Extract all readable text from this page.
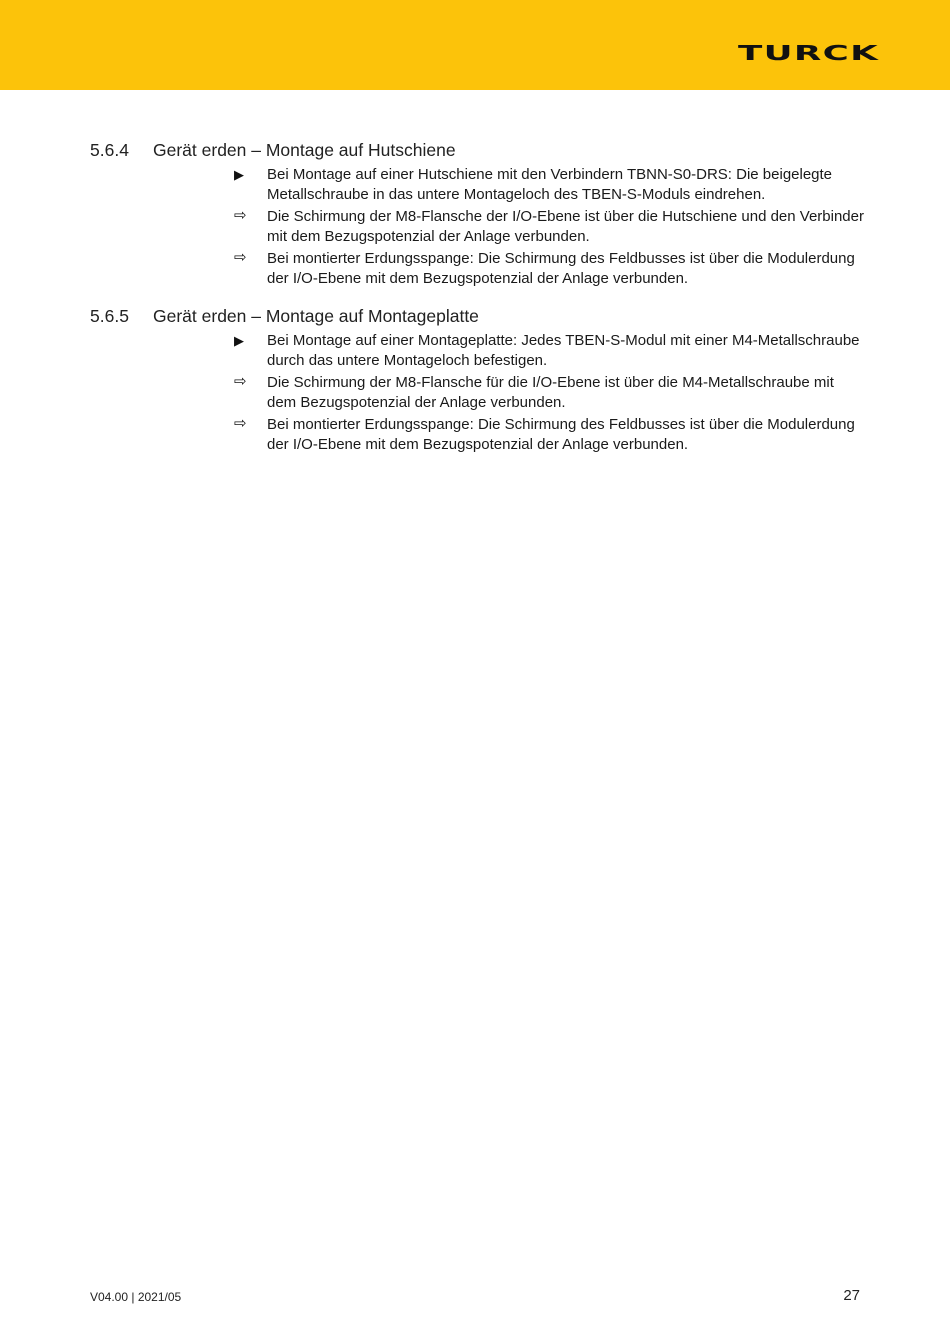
TURCK
5.6.4 Gerät erden – Montage auf Hutschiene
▶	Bei Montage auf einer Hutschiene mit den Verbindern TBNN-S0-DRS: Die beigelegte Metallschraube in das untere Montageloch des TBEN-S-Moduls eindrehen.
⇨	Die Schirmung der M8-Flansche der I/O-Ebene ist über die Hutschiene und den Verbinder mit dem Bezugspotenzial der Anlage verbunden.
⇨	Bei montierter Erdungsspange: Die Schirmung des Feldbusses ist über die Modulerdung der I/O-Ebene mit dem Bezugspotenzial der Anlage verbunden.
5.6.5 Gerät erden – Montage auf Montageplatte
▶	Bei Montage auf einer Montageplatte: Jedes TBEN-S-Modul mit einer M4-Metallschraube durch das untere Montageloch befestigen.
⇨	Die Schirmung der M8-Flansche für die I/O-Ebene ist über die M4-Metallschraube mit dem Bezugspotenzial der Anlage verbunden.
⇨	Bei montierter Erdungsspange: Die Schirmung des Feldbusses ist über die Modulerdung der I/O-Ebene mit dem Bezugspotenzial der Anlage verbunden.
V04.00 | 2021/05	27
